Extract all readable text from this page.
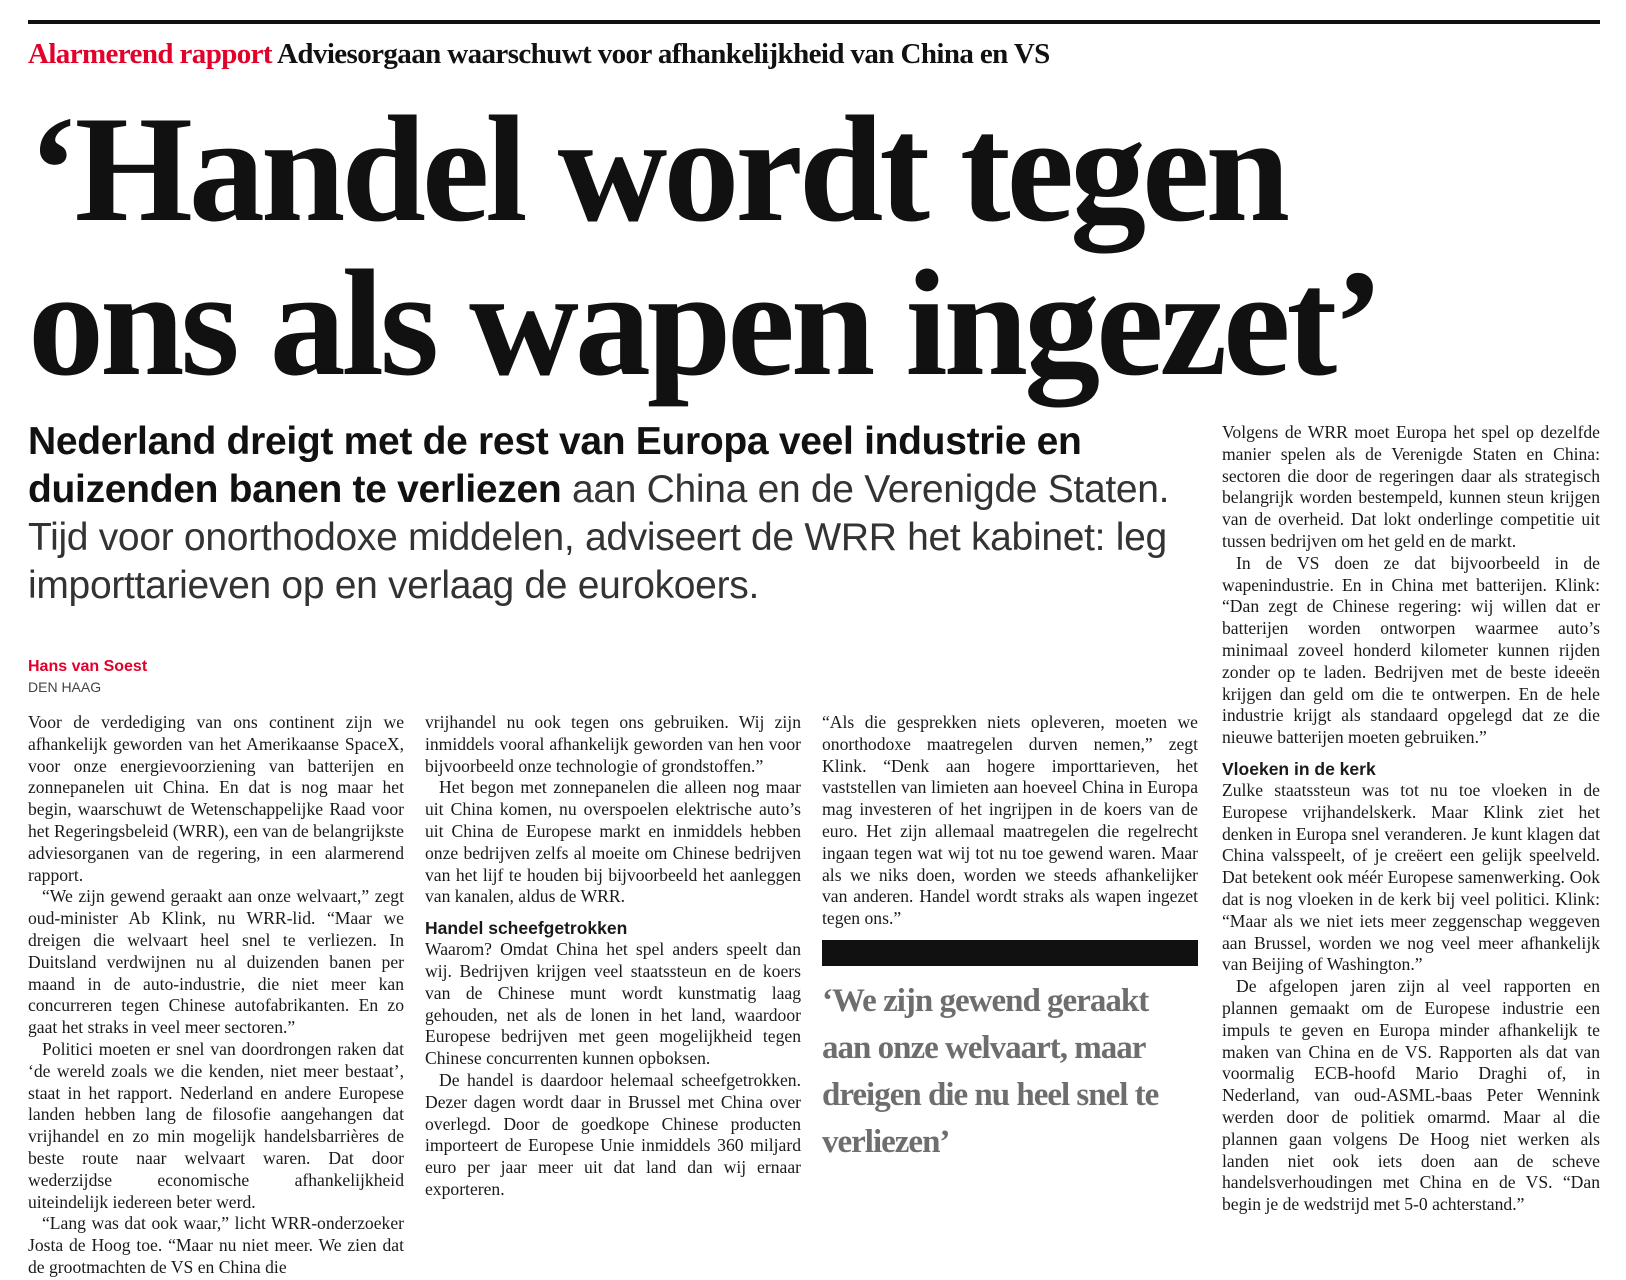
Alarmerend rapport Adviesorgaan waarschuwt voor afhankelijkheid van China en VS
‘Handel wordt tegen
ons als wapen ingezet’

Nederland dreigt met de rest van Europa veel industrie en duizenden banen te verliezen aan China en de Verenigde Staten. Tijd voor onorthodoxe middelen, adviseert de WRR het kabinet: leg importtarieven op en verlaag de eurokoers.

Hans van Soest
DEN HAAG

Voor de verdediging van ons continent zijn we afhankelijk geworden van het Amerikaanse SpaceX, voor onze energievoorziening van batterijen en zonnepanelen uit China. En dat is nog maar het begin, waarschuwt de Wetenschappelijke Raad voor het Regeringsbeleid (WRR), een van de belangrijkste adviesorganen van de regering, in een alarmerend rapport.

“We zijn gewend geraakt aan onze welvaart,” zegt oud-minister Ab Klink, nu WRR-lid. “Maar we dreigen die welvaart heel snel te verliezen. In Duitsland verdwijnen nu al duizenden banen per maand in de auto-industrie, die niet meer kan concurreren tegen Chinese autofabrikanten. En zo gaat het straks in veel meer sectoren.”

Politici moeten er snel van doordrongen raken dat ‘de wereld zoals we die kenden, niet meer bestaat’, staat in het rapport. Nederland en andere Europese landen hebben lang de filosofie aangehangen dat vrijhandel en zo min mogelijk handelsbarrières de beste route naar welvaart waren. Dat door wederzijdse economische afhankelijkheid uiteindelijk iedereen beter werd.

“Lang was dat ook waar,” licht WRR-onderzoeker Josta de Hoog toe. “Maar nu niet meer. We zien dat de grootmachten de VS en China die

vrijhandel nu ook tegen ons gebruiken. Wij zijn inmiddels vooral afhankelijk geworden van hen voor bijvoorbeeld onze technologie of grondstoffen.”

Het begon met zonnepanelen die alleen nog maar uit China komen, nu overspoelen elektrische auto’s uit China de Europese markt en inmiddels hebben onze bedrijven zelfs al moeite om Chinese bedrijven van het lijf te houden bij bijvoorbeeld het aanleggen van kanalen, aldus de WRR.

Handel scheefgetrokken

Waarom? Omdat China het spel anders speelt dan wij. Bedrijven krijgen veel staatssteun en de koers van de Chinese munt wordt kunstmatig laag gehouden, net als de lonen in het land, waardoor Europese bedrijven met geen mogelijkheid tegen Chinese concurrenten kunnen opboksen.

De handel is daardoor helemaal scheefgetrokken. Dezer dagen wordt daar in Brussel met China over overlegd. Door de goedkope Chinese producten importeert de Europese Unie inmiddels 360 miljard euro per jaar meer uit dat land dan wij ernaar exporteren.

“Als die gesprekken niets opleveren, moeten we onorthodoxe maatregelen durven nemen,” zegt Klink. “Denk aan hogere importtarieven, het vaststellen van limieten aan hoeveel China in Europa mag investeren of het ingrijpen in de koers van de euro. Het zijn allemaal maatregelen die regelrecht ingaan tegen wat wij tot nu toe gewend waren. Maar als we niks doen, worden we steeds afhankelijker van anderen. Handel wordt straks als wapen ingezet tegen ons.”

‘We zijn gewend geraakt aan onze welvaart, maar dreigen die nu heel snel te verliezen’

Volgens de WRR moet Europa het spel op dezelfde manier spelen als de Verenigde Staten en China: sectoren die door de regeringen daar als strategisch belangrijk worden bestempeld, kunnen steun krijgen van de overheid. Dat lokt onderlinge competitie uit tussen bedrijven om het geld en de markt.

In de VS doen ze dat bijvoorbeeld in de wapenindustrie. En in China met batterijen. Klink: “Dan zegt de Chinese regering: wij willen dat er batterijen worden ontworpen waarmee auto’s minimaal zoveel honderd kilometer kunnen rijden zonder op te laden. Bedrijven met de beste ideeën krijgen dan geld om die te ontwerpen. En de hele industrie krijgt als standaard opgelegd dat ze die nieuwe batterijen moeten gebruiken.”

Vloeken in de kerk

Zulke staatssteun was tot nu toe vloeken in de Europese vrijhandelskerk. Maar Klink ziet het denken in Europa snel veranderen. Je kunt klagen dat China valsspeelt, of je creëert een gelijk speelveld. Dat betekent ook méér Europese samenwerking. Ook dat is nog vloeken in de kerk bij veel politici. Klink: “Maar als we niet iets meer zeggenschap weggeven aan Brussel, worden we nog veel meer afhankelijk van Beijing of Washington.”

De afgelopen jaren zijn al veel rapporten en plannen gemaakt om de Europese industrie een impuls te geven en Europa minder afhankelijk te maken van China en de VS. Rapporten als dat van voormalig ECB-hoofd Mario Draghi of, in Nederland, van oud-ASML-baas Peter Wennink werden door de politiek omarmd. Maar al die plannen gaan volgens De Hoog niet werken als landen niet ook iets doen aan de scheve handelsverhoudingen met China en de VS. “Dan begin je de wedstrijd met 5-0 achterstand.”
